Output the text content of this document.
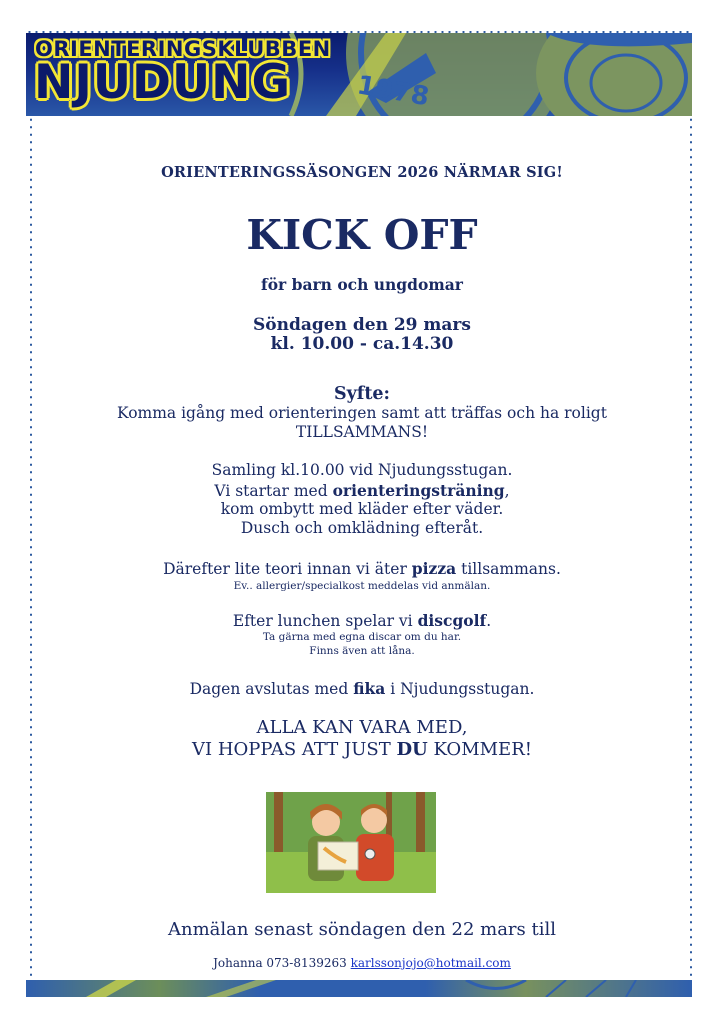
1978
ORIENTERINGSKLUBBEN
NJUDUNG
ORIENTERINGSSÄSONGEN 2026 NÄRMAR SIG!
KICK OFF
för barn och ungdomar
Söndagen den 29 mars
kl. 10.00 - ca.14.30
Syfte:
Komma igång med orienteringen samt att träffas och ha roligt
TILLSAMMANS!
Samling kl.10.00 vid Njudungsstugan.
Vi startar med orienteringsträning,
kom ombytt med kläder efter väder.
Dusch och omklädning efteråt.
Därefter lite teori innan vi äter pizza tillsammans.
Ev.. allergier/specialkost meddelas vid anmälan.
Efter lunchen spelar vi discgolf.
Ta gärna med egna discar om du har.
Finns även att låna.
Dagen avslutas med fika i Njudungsstugan.
ALLA KAN VARA MED,
VI HOPPAS ATT JUST DU KOMMER!
Anmälan senast söndagen den 22 mars till
Johanna 073-8139263 karlssonjojo@hotmail.com
